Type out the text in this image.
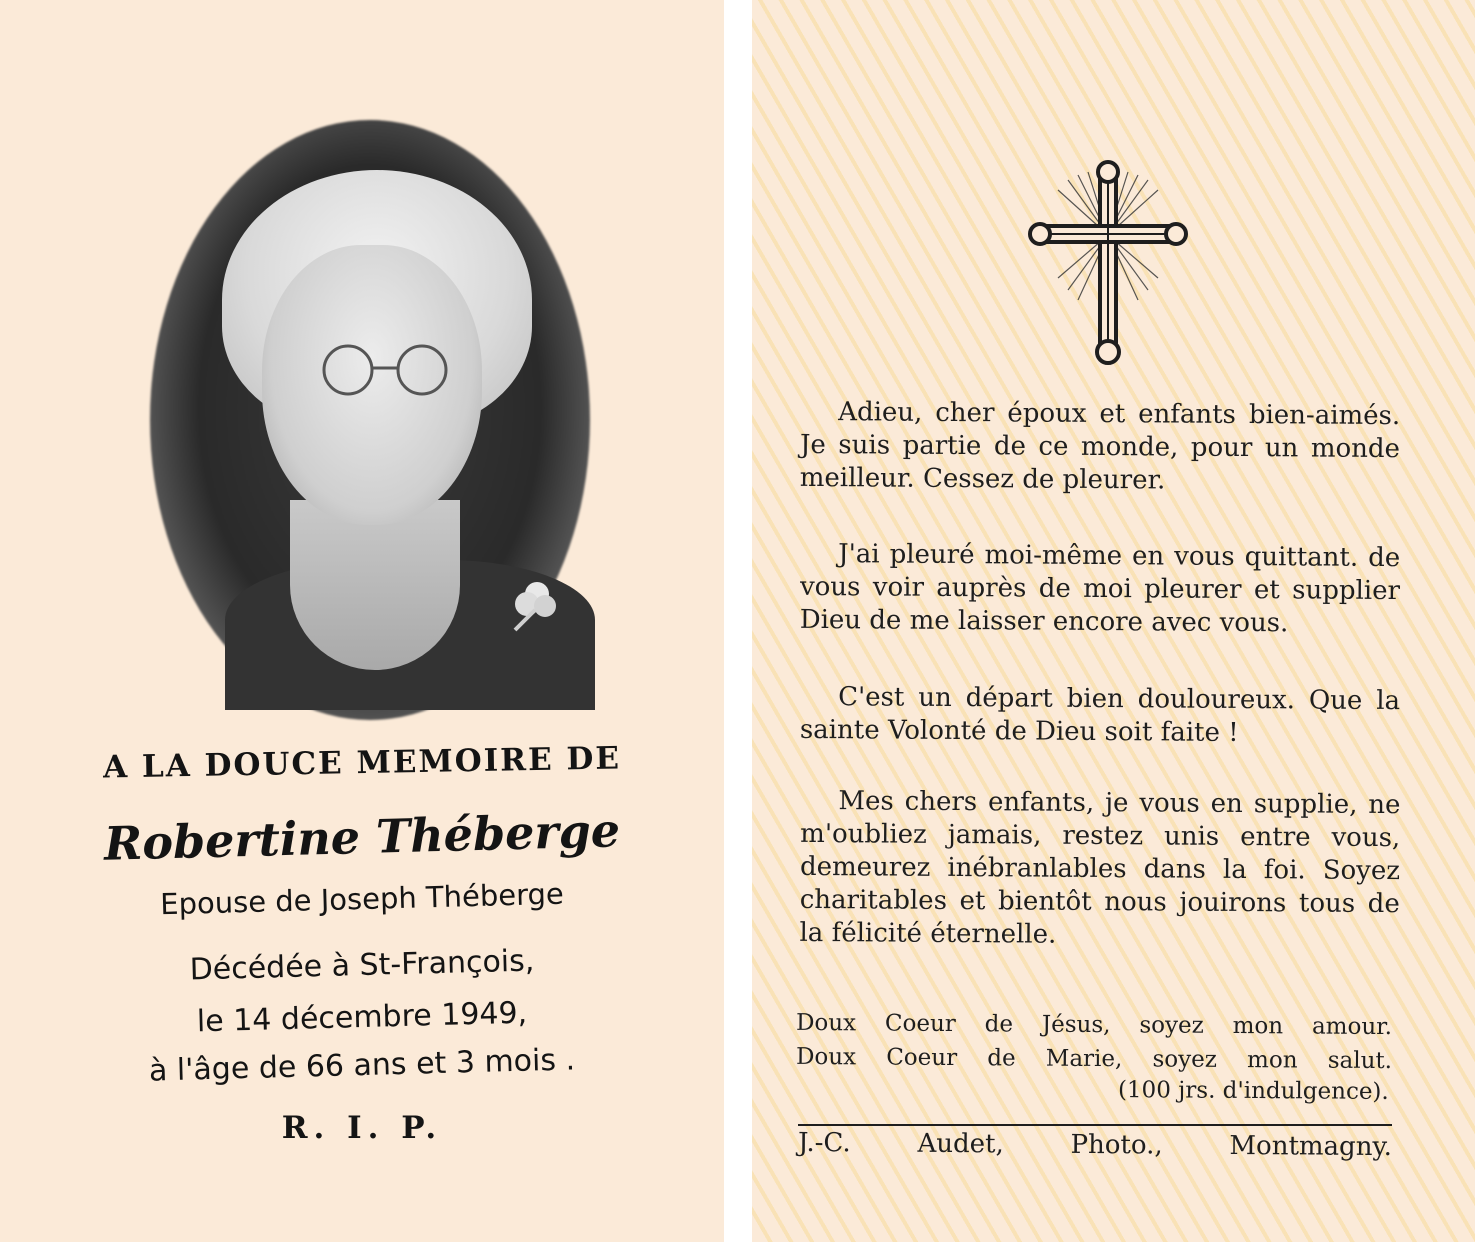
A LA DOUCE MEMOIRE DE
Robertine Théberge
Epouse de Joseph Théberge
Décédée à St-François,
le 14 décembre 1949,
à l'âge de 66 ans et 3 mois .
R. I. P.
Adieu, cher époux et enfants bien-aimés. Je suis partie de ce monde, pour un monde meilleur. Cessez de pleurer.
J'ai pleuré moi-même en vous quittant. de vous voir auprès de moi pleurer et supplier Dieu de me laisser encore avec vous.
C'est un départ bien douloureux. Que la sainte Volonté de Dieu soit faite !
Mes chers enfants, je vous en supplie, ne m'oubliez jamais, restez unis entre vous, demeurez inébranlables dans la foi. Soyez charitables et bientôt nous jouirons tous de la félicité éternelle.
Doux Coeur de Jésus, soyez mon amour.
Doux Coeur de Marie, soyez mon salut.
(100 jrs. d'indulgence).
J.-C. Audet, Photo., Montmagny.
